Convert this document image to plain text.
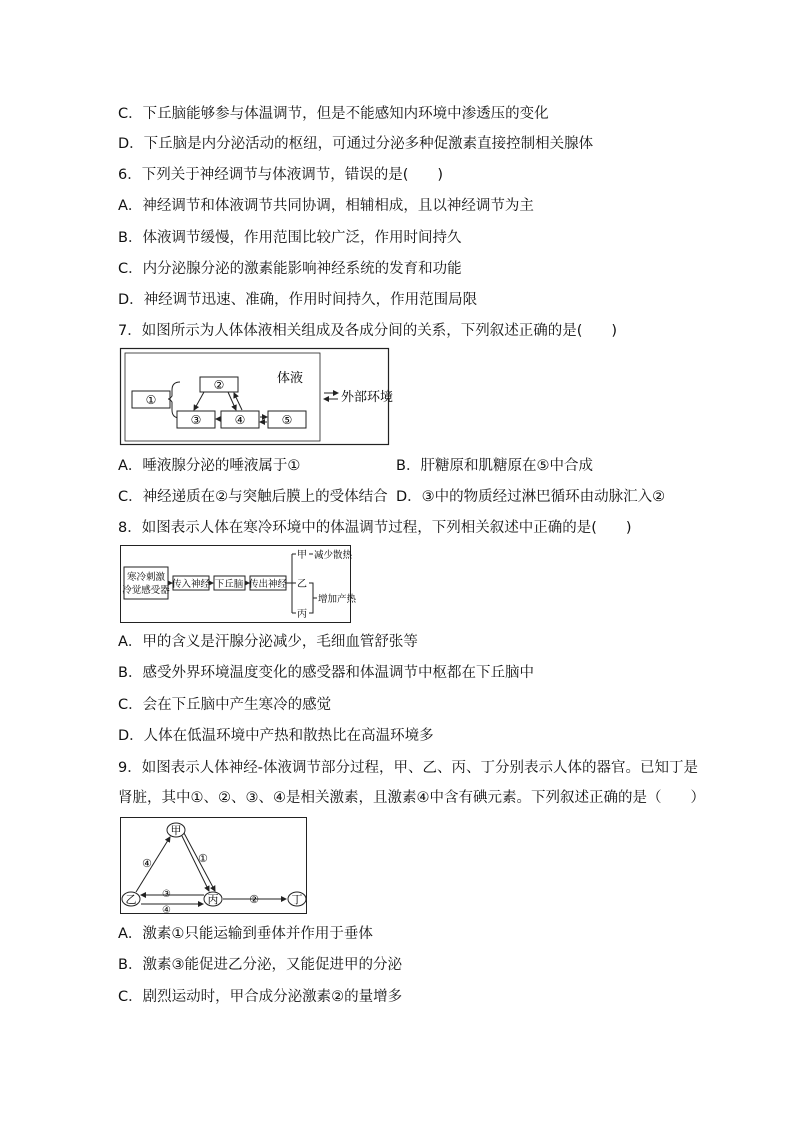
C．下丘脑能够参与体温调节，但是不能感知内环境中渗透压的变化
D．下丘脑是内分泌活动的枢纽，可通过分泌多种促激素直接控制相关腺体
6．下列关于神经调节与体液调节，错误的是(　　)
A．神经调节和体液调节共同协调，相辅相成，且以神经调节为主
B．体液调节缓慢，作用范围比较广泛，作用时间持久
C．内分泌腺分泌的激素能影响神经系统的发育和功能
D．神经调节迅速、准确，作用时间持久，作用范围局限
7．如图所示为人体体液相关组成及各成分间的关系，下列叙述正确的是(　　)
①
②
③	④	⑤
体液
外部环境
A．唾液腺分泌的唾液属于①	B．肝糖原和肌糖原在⑤中合成
C．神经递质在②与突触后膜上的受体结合 D．③中的物质经过淋巴循环由动脉汇入②
8．如图表示人体在寒冷环境中的体温调节过程，下列相关叙述中正确的是(　　)
寒冷刺激
冷觉感受器
传入神经 下丘脑 传出神经
甲 减少散热
乙
丙
增加产热
A．甲的含义是汗腺分泌减少，毛细血管舒张等
B．感受外界环境温度变化的感受器和体温调节中枢都在下丘脑中
C．会在下丘脑中产生寒冷的感觉
D．人体在低温环境中产热和散热比在高温环境多
9．如图表示人体神经-体液调节部分过程，甲、乙、丙、丁分别表示人体的器官。已知丁是
肾脏，其中①、②、③、④是相关激素，且激素④中含有碘元素。下列叙述正确的是（　　）
甲
乙	丙	丁
④	①
③
④
②
A．激素①只能运输到垂体并作用于垂体
B．激素③能促进乙分泌，又能促进甲的分泌
C．剧烈运动时，甲合成分泌激素②的量增多
